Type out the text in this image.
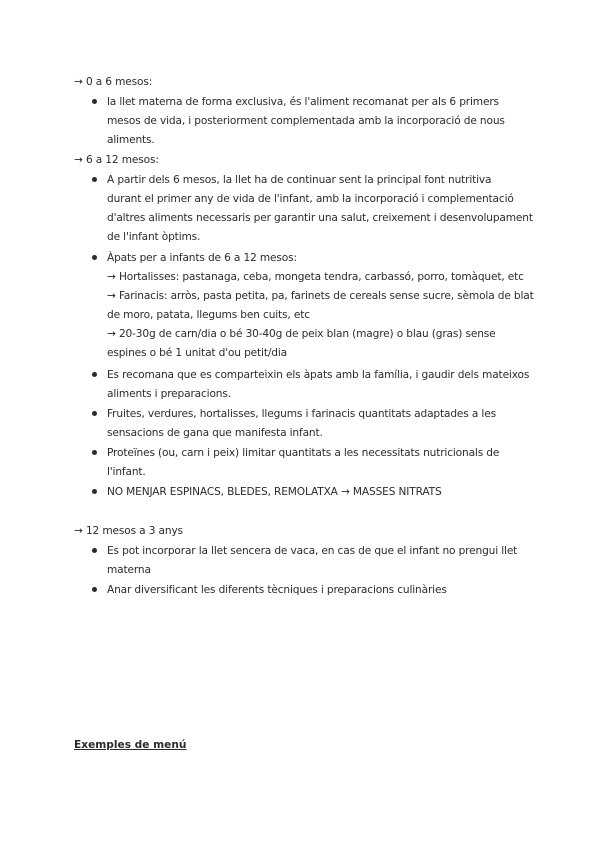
→ 0 a 6 mesos:
la llet materna de forma exclusiva, és l'aliment recomanat per als 6 primers
mesos de vida, i posteriorment complementada amb la incorporació de nous
aliments.
→ 6 a 12 mesos:
A partir dels 6 mesos, la llet ha de continuar sent la principal font nutritiva
durant el primer any de vida de l'infant, amb la incorporació i complementació
d'altres aliments necessaris per garantir una salut, creixement i desenvolupament
de l'infant òptims.
Àpats per a infants de 6 a 12 mesos:
→ Hortalisses: pastanaga, ceba, mongeta tendra, carbassó, porro, tomàquet, etc
→ Farinacis: arròs, pasta petita, pa, farinets de cereals sense sucre, sèmola de blat
de moro, patata, llegums ben cuits, etc
→ 20-30g de carn/dia o bé 30-40g de peix blan (magre) o blau (gras) sense
espines o bé 1 unitat d'ou petit/dia
Es recomana que es comparteixin els àpats amb la família, i gaudir dels mateixos
aliments i preparacions.
Fruites, verdures, hortalisses, llegums i farinacis quantitats adaptades a les
sensacions de gana que manifesta infant.
Proteïnes (ou, carn i peix) limitar quantitats a les necessitats nutricionals de
l'infant.
NO MENJAR ESPINACS, BLEDES, REMOLATXA → MASSES NITRATS
→ 12 mesos a 3 anys
Es pot incorporar la llet sencera de vaca, en cas de que el infant no prengui llet
materna
Anar diversificant les diferents tècniques i preparacions culinàries
Exemples de menú
